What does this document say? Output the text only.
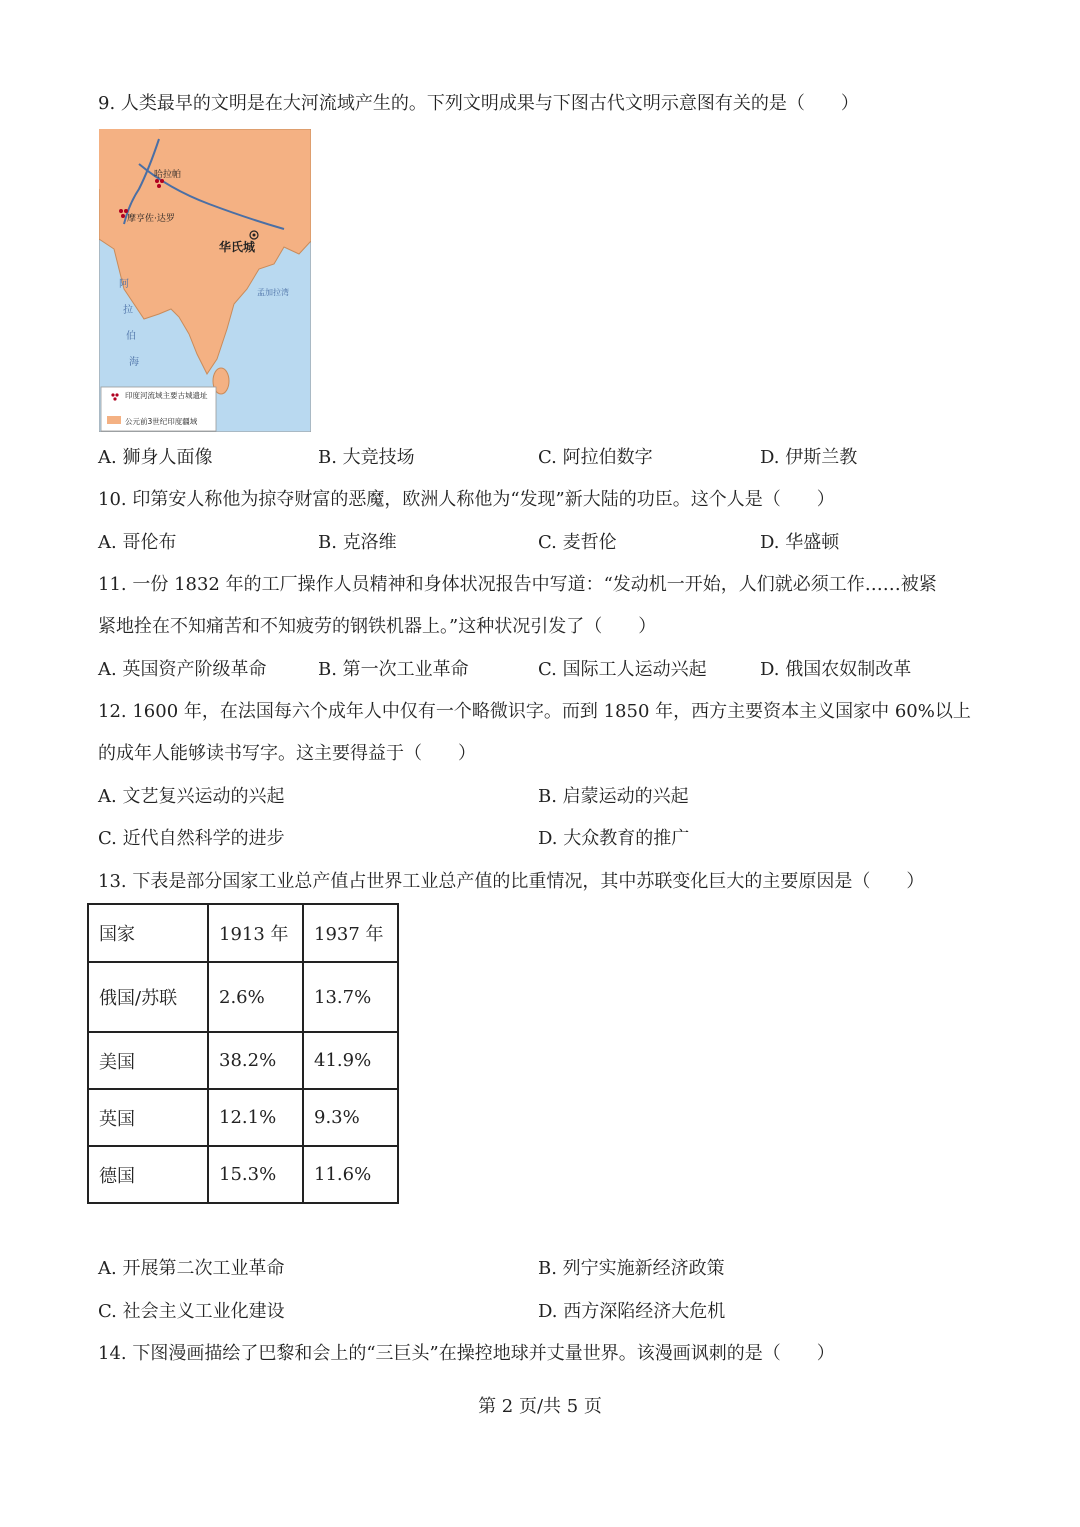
9. 人类最早的文明是在大河流域产生的。下列文明成果与下图古代文明示意图有关的是（　　）
哈拉帕
摩亨佐·达罗
华氏城
阿
拉
伯
海
孟加拉湾
印度河流域主要古城遗址
公元前3世纪印度疆域
A. 狮身人面像	B. 大竞技场	C. 阿拉伯数字	D. 伊斯兰教
10. 印第安人称他为掠夺财富的恶魔，欧洲人称他为“发现”新大陆的功臣。这个人是（　　）
A. 哥伦布	B. 克洛维	C. 麦哲伦	D. 华盛顿
11. 一份 1832 年的工厂操作人员精神和身体状况报告中写道：“发动机一开始，人们就必须工作……被紧
紧地拴在不知痛苦和不知疲劳的钢铁机器上。”这种状况引发了（　　）
A. 英国资产阶级革命	B. 第一次工业革命	C. 国际工人运动兴起	D. 俄国农奴制改革
12. 1600 年，在法国每六个成年人中仅有一个略微识字。而到 1850 年，西方主要资本主义国家中 60%以上
的成年人能够读书写字。这主要得益于（　　）
A. 文艺复兴运动的兴起	B. 启蒙运动的兴起
C. 近代自然科学的进步	D. 大众教育的推广
13. 下表是部分国家工业总产值占世界工业总产值的比重情况，其中苏联变化巨大的主要原因是（　　）
国家	1913 年	1937 年
俄国/苏联	2.6%	13.7%
美国	38.2%	41.9%
英国	12.1%	9.3%
德国	15.3%	11.6%
A. 开展第二次工业革命	B. 列宁实施新经济政策
C. 社会主义工业化建设	D. 西方深陷经济大危机
14. 下图漫画描绘了巴黎和会上的“三巨头”在操控地球并丈量世界。该漫画讽刺的是（　　）
第 2 页/共 5 页
